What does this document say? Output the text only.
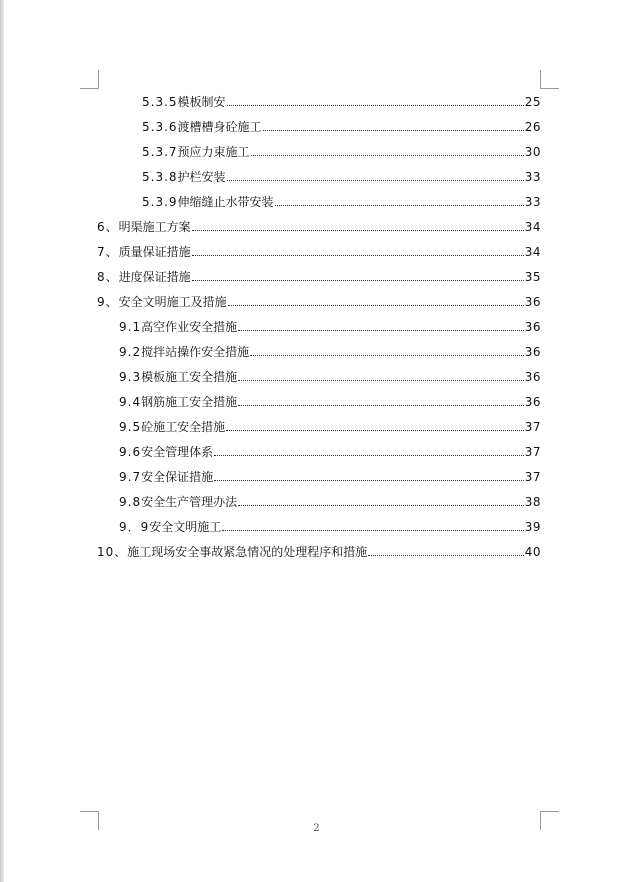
5.3.5 模板制安	25
5.3.6 渡槽槽身砼施工	26
5.3.7 预应力束施工	30
5.3.8 护栏安装	33
5.3.9 伸缩缝止水带安装	33
6、 明渠施工方案	34
7、 质量保证措施	34
8、 进度保证措施	35
9、 安全文明施工及措施	36
9.1 高空作业安全措施	36
9.2 搅拌站操作安全措施	36
9.3 模板施工安全措施	36
9.4 钢筋施工安全措施	36
9.5 砼施工安全措施	37
9.6 安全管理体系	37
9.7 安全保证措施	37
9.8 安全生产管理办法	38
9．9 安全文明施工	39
10、 施工现场安全事故紧急情况的处理程序和措施	40
2
